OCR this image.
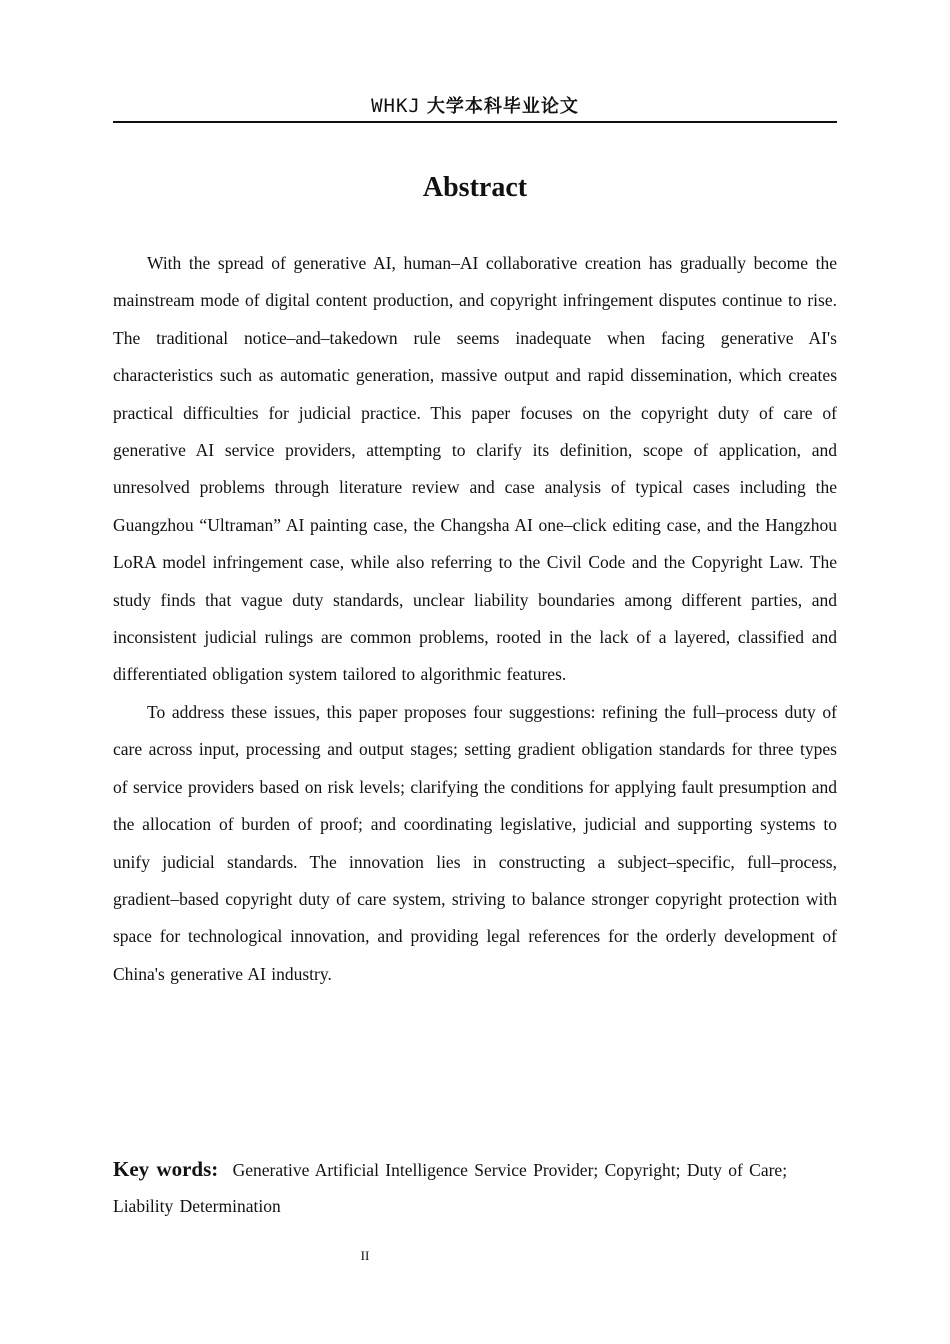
WHKJ 大学本科毕业论文
Abstract

With the spread of generative AI, human–AI collaborative creation has gradually become the mainstream mode of digital content production, and copyright infringement disputes continue to rise. The traditional notice–and–takedown rule seems inadequate when facing generative AI's characteristics such as automatic generation, massive output and rapid dissemination, which creates practical difficulties for judicial practice. This paper focuses on the copyright duty of care of generative AI service providers, attempting to clarify its definition, scope of application, and unresolved problems through literature review and case analysis of typical cases including the Guangzhou “Ultraman” AI painting case, the Changsha AI one–click editing case, and the Hangzhou LoRA model infringement case, while also referring to the Civil Code and the Copyright Law. The study finds that vague duty standards, unclear liability boundaries among different parties, and inconsistent judicial rulings are common problems, rooted in the lack of a layered, classified and differentiated obligation system tailored to algorithmic features.

To address these issues, this paper proposes four suggestions: refining the full–process duty of care across input, processing and output stages; setting gradient obligation standards for three types of service providers based on risk levels; clarifying the conditions for applying fault presumption and the allocation of burden of proof; and coordinating legislative, judicial and supporting systems to unify judicial standards. The innovation lies in constructing a subject–specific, full–process, gradient–based copyright duty of care system, striving to balance stronger copyright protection with space for technological innovation, and providing legal references for the orderly development of China's generative AI industry.

Key words: Generative Artificial Intelligence Service Provider; Copyright; Duty of Care; Liability Determination
II
